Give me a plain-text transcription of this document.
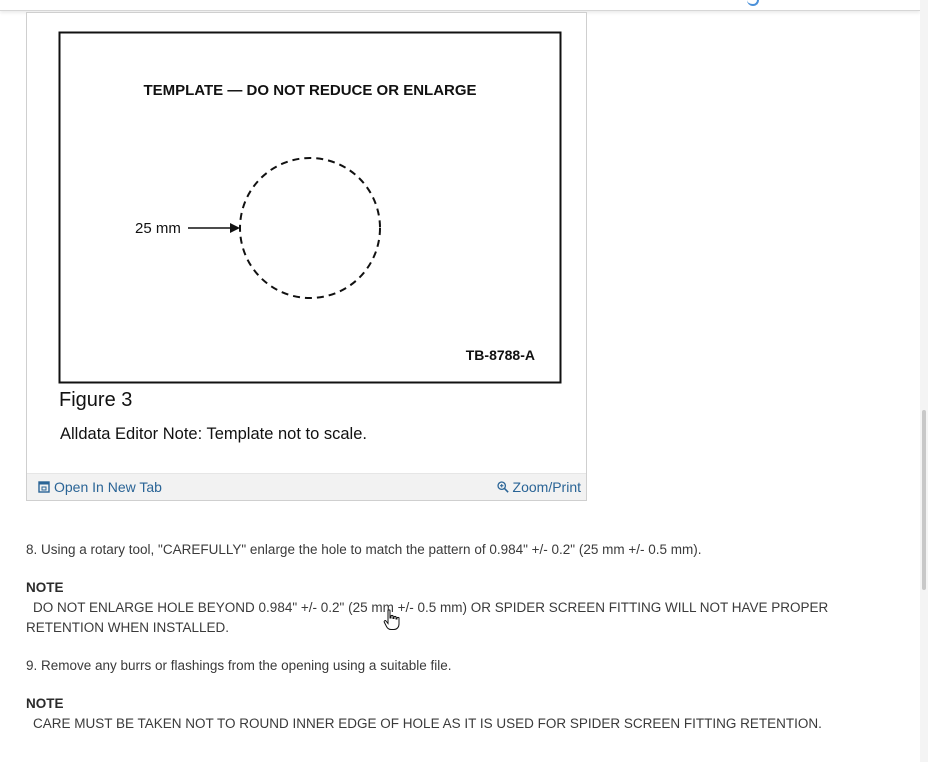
TEMPLATE — DO NOT REDUCE OR ENLARGE
25 mm
TB-8788-A
Figure 3
Alldata Editor Note: Template not to scale.
Open In New Tab	Zoom/Print

8. Using a rotary tool, "CAREFULLY" enlarge the hole to match the pattern of 0.984" +/- 0.2" (25 mm +/- 0.5 mm).

NOTE

DO NOT ENLARGE HOLE BEYOND 0.984" +/- 0.2" (25 mm +/- 0.5 mm) OR SPIDER SCREEN FITTING WILL NOT HAVE PROPER RETENTION WHEN INSTALLED.

9. Remove any burrs or flashings from the opening using a suitable file.

NOTE

CARE MUST BE TAKEN NOT TO ROUND INNER EDGE OF HOLE AS IT IS USED FOR SPIDER SCREEN FITTING RETENTION.
